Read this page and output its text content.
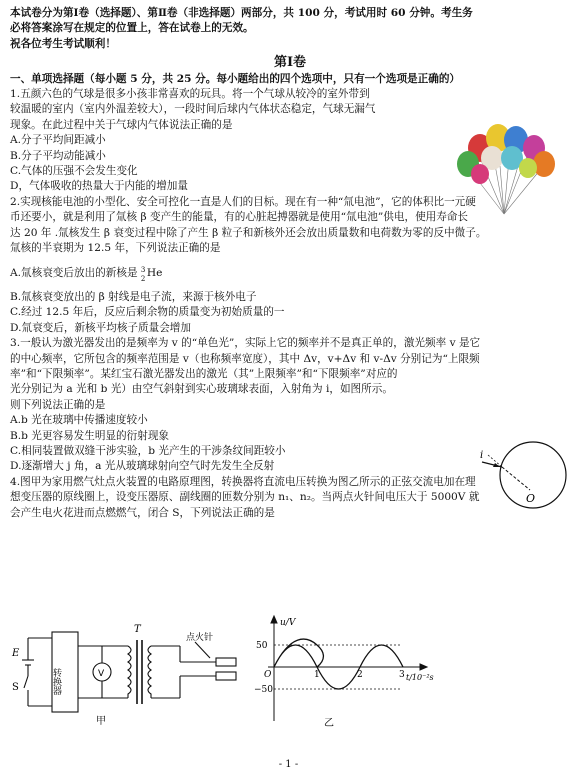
本试卷分为第Ⅰ卷（选择题）、第Ⅱ卷（非选择题）两部分，共 100 分，考试用时 60 分钟。考生务
必将答案涂写在规定的位置上，答在试卷上的无效。
祝各位考生考试顺利！
第Ⅰ卷
一、单项选择题（每小题 5 分，共 25 分。每小题给出的四个选项中，只有一个选项是正确的）
1.五颜六色的气球是很多小孩非常喜欢的玩具。将一个气球从较冷的室外带到
较温暖的室内（室内外温差较大），一段时间后球内气体状态稳定，气球无漏气
现象。在此过程中关于气球内气体说法正确的是
A.分子平均间距减小
B.分子平均动能减小
C.气体的压强不会发生变化
D，气体吸收的热量大于内能的增加量
2.实现核能电池的小型化、安全可控化一直是人们的目标。现在有一种“氚电池”，它的体积比一元硬
币还要小，就是利用了氚核 β 变产生的能量，有的心脏起搏器就是使用“氚电池”供电，使用寿命长
达 20 年 .氚核发生 β 衰变过程中除了产生 β 粒子和新核外还会放出质量数和电荷数为零的反中微子。
氚核的半衰期为 12.5 年，下列说法正确的是
A.氚核衰变后放出的新核是 3
2 He
B.氚核衰变放出的 β 射线是电子流，来源于核外电子
C.经过 12.5 年后，反应后剩余物的质量变为初始质量的一
D.氚衰变后，新核平均核子质量会增加
3.一般认为激光器发出的是频率为 v 的“单色光”，实际上它的频率并不是真正单的，激光频率 v 是它
的中心频率，它所包含的频率范围是 v（也称频率宽度），其中 Δv，v+Δv 和 v-Δv 分别记为“上限频
率”和“下限频率”。某红宝石激光器发出的激光（其”上限频率”和“下限频率”对应的
光分别记为 a 光和 b 光）由空气斜射到实心玻璃球表面，入射角为 i，如图所示。
则下列说法正确的是
A.b 光在玻璃中传播速度较小
B.b 光更容易发生明显的衍射现象
C.相同装置做双缝干涉实验，b 光产生的干涉条纹间距较小
D.逐渐增大 j 角，a 光从玻璃球射向空气时先发生全反射
4.图甲为家用燃气灶点火装置的电路原理图，转换器将直流电压转换为图乙所示的正弦交流电加在理
想变压器的原线圈上，设变压器原、副线圈的匝数分别为 n₁、n₂。当两点火针间电压大于 5000V 就
会产生电火花进而点燃燃气，闭合 S，下列说法正确的是
i
O
E
S	转换器	V
T
点火针
甲
u/V
50
O
−50
1	2	3 t/10⁻²s
乙
- 1 -
